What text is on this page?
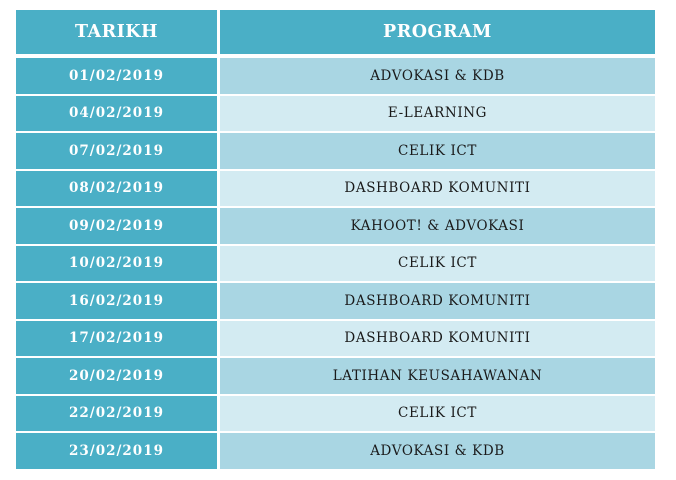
TARIKH	PROGRAM
01/02/2019	ADVOKASI & KDB
04/02/2019	E-LEARNING
07/02/2019	CELIK ICT
08/02/2019	DASHBOARD KOMUNITI
09/02/2019	KAHOOT! & ADVOKASI
10/02/2019	CELIK ICT
16/02/2019	DASHBOARD KOMUNITI
17/02/2019	DASHBOARD KOMUNITI
20/02/2019	LATIHAN KEUSAHAWANAN
22/02/2019	CELIK ICT
23/02/2019	ADVOKASI & KDB
